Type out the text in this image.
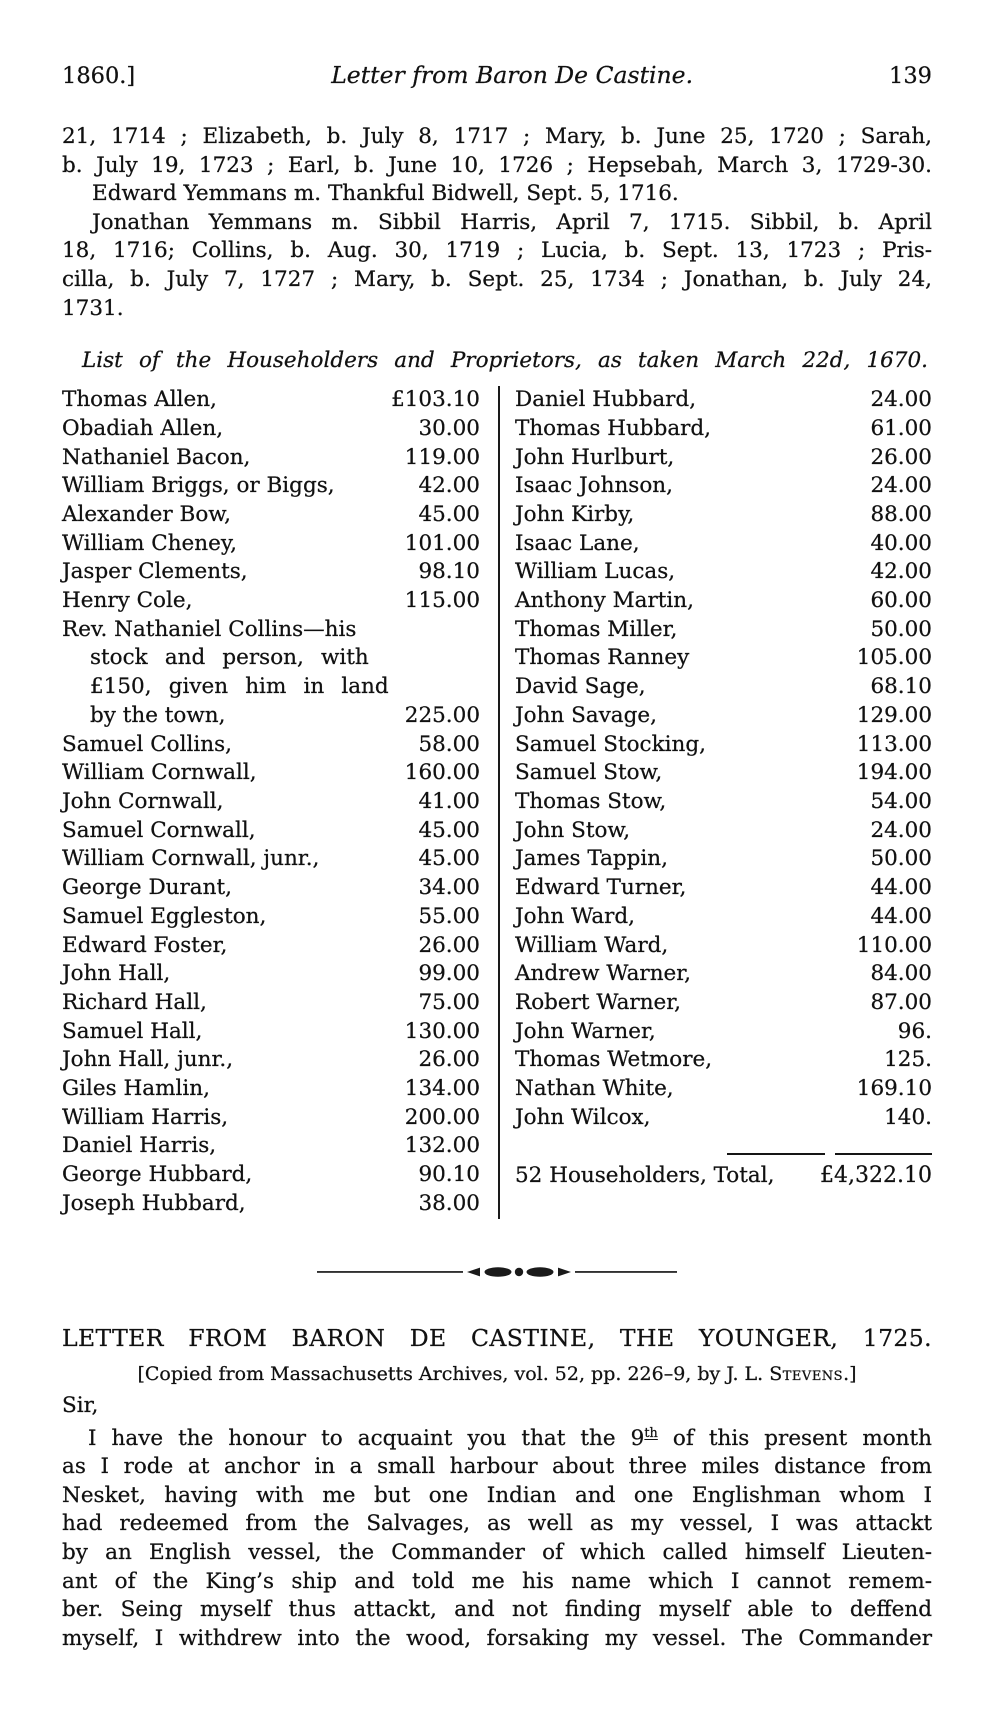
1860.]	Letter from Baron De Castine.	139
21, 1714 ; Elizabeth, b. July 8, 1717 ; Mary, b. June 25, 1720 ; Sarah,
b. July 19, 1723 ; Earl, b. June 10, 1726 ; Hepsebah, March 3, 1729-30.
Edward Yemmans m. Thankful Bidwell, Sept. 5, 1716.
Jonathan Yemmans m. Sibbil Harris, April 7, 1715. Sibbil, b. April
18, 1716; Collins, b. Aug. 30, 1719 ; Lucia, b. Sept. 13, 1723 ; Pris-
cilla, b. July 7, 1727 ; Mary, b. Sept. 25, 1734 ; Jonathan, b. July 24,
1731.
List of the Householders and Proprietors, as taken March 22d, 1670.
Thomas Allen,	£103.10
Obadiah Allen,	30.00
Nathaniel Bacon,	119.00
William Briggs, or Biggs,	42.00
Alexander Bow,	45.00
William Cheney,	101.00
Jasper Clements,	98.10
Henry Cole,	115.00
Rev. Nathaniel Collins—his
stock and person, with
£150, given him in land
by the town,	225.00
Samuel Collins,	58.00
William Cornwall,	160.00
John Cornwall,	41.00
Samuel Cornwall,	45.00
William Cornwall, junr.,	45.00
George Durant,	34.00
Samuel Eggleston,	55.00
Edward Foster,	26.00
John Hall,	99.00
Richard Hall,	75.00
Samuel Hall,	130.00
John Hall, junr.,	26.00
Giles Hamlin,	134.00
William Harris,	200.00
Daniel Harris,	132.00
George Hubbard,	90.10
Joseph Hubbard,	38.00
Daniel Hubbard,	24.00
Thomas Hubbard,	61.00
John Hurlburt,	26.00
Isaac Johnson,	24.00
John Kirby,	88.00
Isaac Lane,	40.00
William Lucas,	42.00
Anthony Martin,	60.00
Thomas Miller,	50.00
Thomas Ranney	105.00
David Sage,	68.10
John Savage,	129.00
Samuel Stocking,	113.00
Samuel Stow,	194.00
Thomas Stow,	54.00
John Stow,	24.00
James Tappin,	50.00
Edward Turner,	44.00
John Ward,	44.00
William Ward,	110.00
Andrew Warner,	84.00
Robert Warner,	87.00
John Warner,	96.
Thomas Wetmore,	125.
Nathan White,	169.10
John Wilcox,	140.
52 Householders, Total, £4,322.10
LETTER FROM BARON DE CASTINE, THE YOUNGER, 1725.
[Copied from Massachusetts Archives, vol. 52, pp. 226–9, by J. L. Stevens.]
Sir,
I have the honour to acquaint you that the 9th of this present month
as I rode at anchor in a small harbour about three miles distance from
Nesket, having with me but one Indian and one Englishman whom I
had redeemed from the Salvages, as well as my vessel, I was attackt
by an English vessel, the Commander of which called himself Lieuten-
ant of the King’s ship and told me his name which I cannot remem-
ber. Seing myself thus attackt, and not finding myself able to deffend
myself, I withdrew into the wood, forsaking my vessel. The Commander
